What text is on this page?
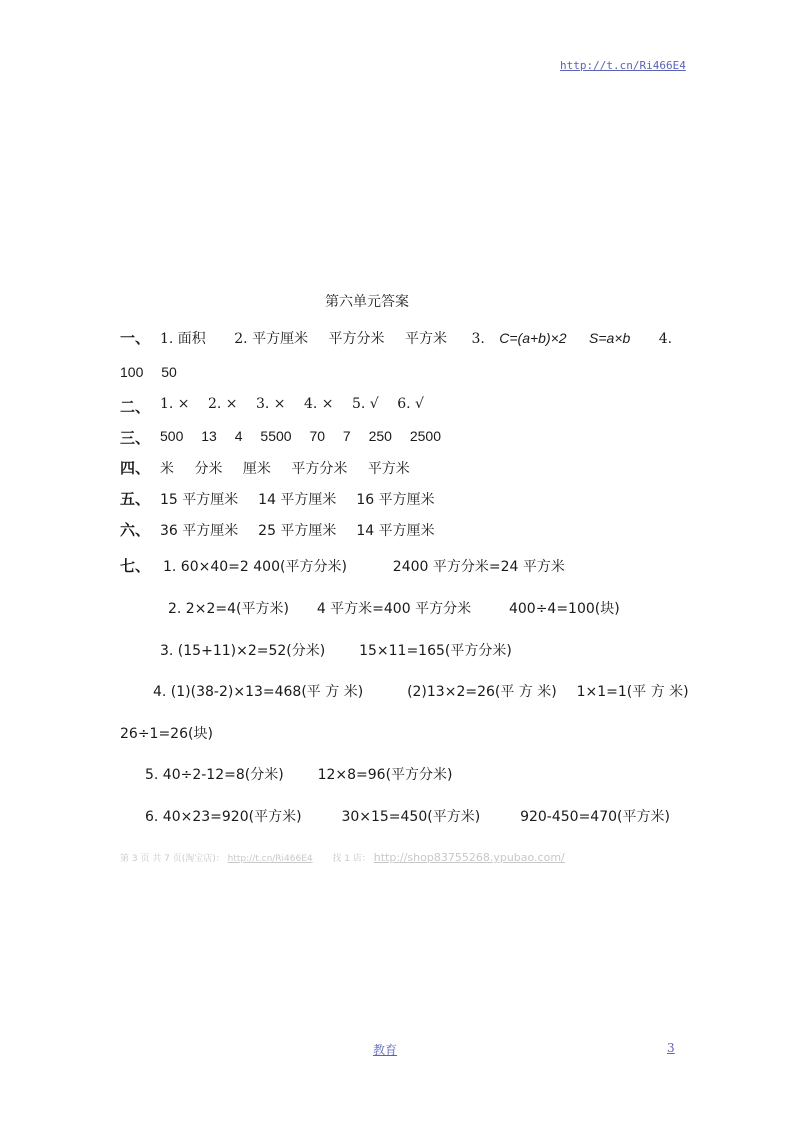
http://t.cn/Ri466E4
第六单元答案
一、 1. 面积 2. 平方厘米 平方分米 平方米 3. C=(a+b)×2 S=a×b 4.
100 50
二、 1. × 2. × 3. × 4. × 5. √ 6. √
三、 500 13 4 5500 70 7 250 2500
四、 米 分米 厘米 平方分米 平方米
五、 15 平方厘米 14 平方厘米 16 平方厘米
六、 36 平方厘米 25 平方厘米 14 平方厘米
七、 1. 60×40=2 400(平方分米)	2400 平方分米=24 平方米
2. 2×2=4(平方米) 4 平方米=400 平方分米	400÷4=100(块)
3. (15+11)×2=52(分米) 15×11=165(平方分米)
4. (1)(38-2)×13=468(平 方 米)	(2)13×2=26(平 方 米) 1×1=1(平 方 米)
26÷1=26(块)
5. 40÷2-12=8(分米) 12×8=96(平方分米)
6. 40×23=920(平方米)	30×15=450(平方米)	920-450=470(平方米)
第 3 页 共 7 页(淘宝店)： http://t.cn/Ri466E4 找 1 店： http://shop83755268.ypubao.com/
教育	3
